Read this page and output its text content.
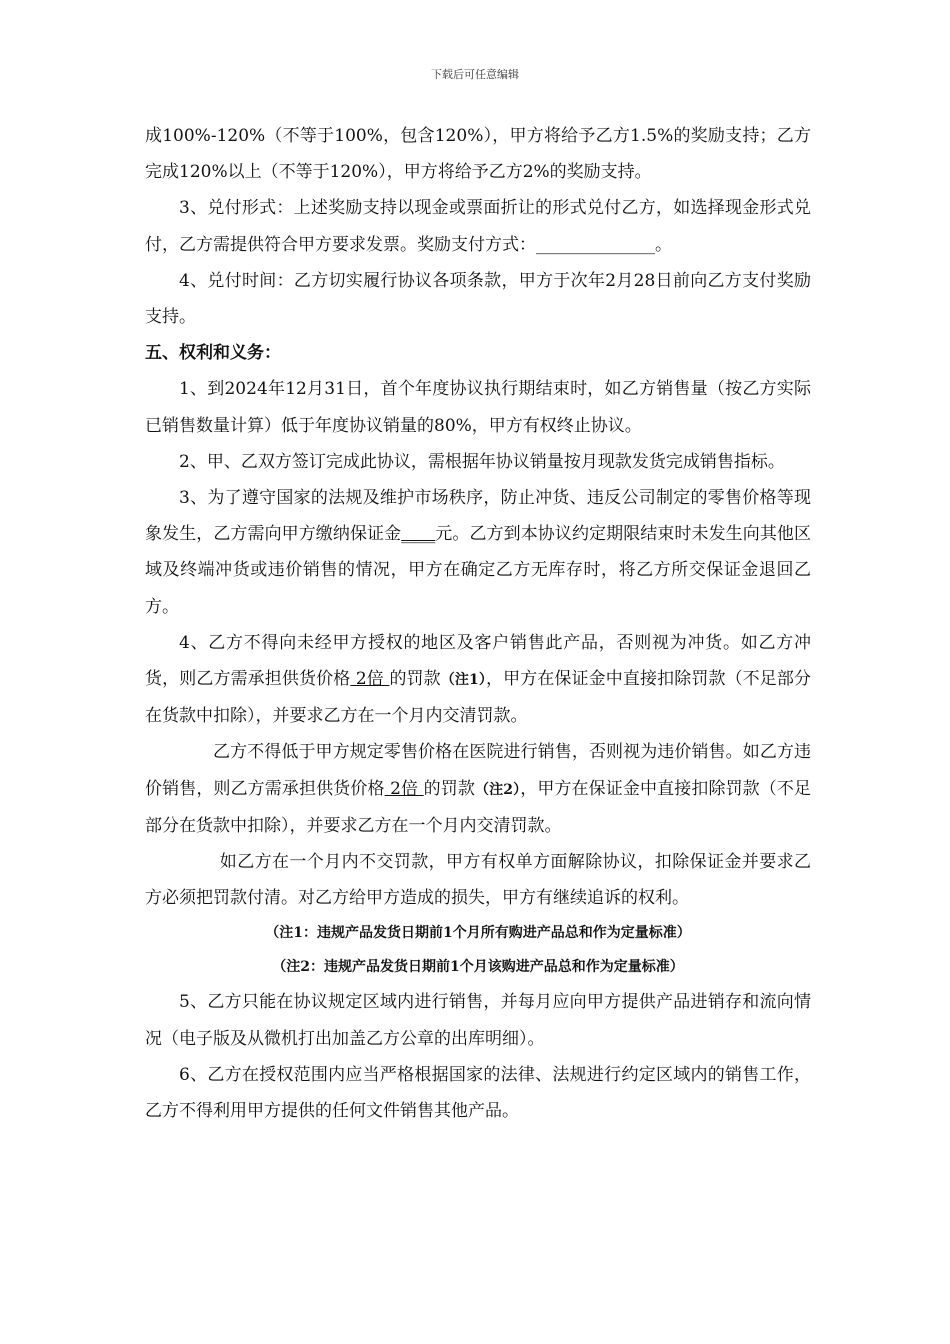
下载后可任意编辑

成100%-120%（不等于100%，包含120%），甲方将给予乙方1.5%的奖励支持；乙方完成120%以上（不等于120%），甲方将给予乙方2%的奖励支持。

3、兑付形式：上述奖励支持以现金或票面折让的形式兑付乙方，如选择现金形式兑付，乙方需提供符合甲方要求发票。奖励支付方式：______________。

4、兑付时间：乙方切实履行协议各项条款，甲方于次年2月28日前向乙方支付奖励支持。

五、权利和义务：

1、到2024年12月31日，首个年度协议执行期结束时，如乙方销售量（按乙方实际已销售数量计算）低于年度协议销量的80%，甲方有权终止协议。

2、甲、乙双方签订完成此协议，需根据年协议销量按月现款发货完成销售指标。

3、为了遵守国家的法规及维护市场秩序，防止冲货、违反公司制定的零售价格等现象发生，乙方需向甲方缴纳保证金____元。乙方到本协议约定期限结束时未发生向其他区域及终端冲货或违价销售的情况，甲方在确定乙方无库存时，将乙方所交保证金退回乙方。

4、乙方不得向未经甲方授权的地区及客户销售此产品，否则视为冲货。如乙方冲货，则乙方需承担供货价格 2倍 的罚款（注1），甲方在保证金中直接扣除罚款（不足部分在货款中扣除），并要求乙方在一个月内交清罚款。

乙方不得低于甲方规定零售价格在医院进行销售，否则视为违价销售。如乙方违价销售，则乙方需承担供货价格 2倍 的罚款（注2），甲方在保证金中直接扣除罚款（不足部分在货款中扣除），并要求乙方在一个月内交清罚款。

如乙方在一个月内不交罚款，甲方有权单方面解除协议，扣除保证金并要求乙方必须把罚款付清。对乙方给甲方造成的损失，甲方有继续追诉的权利。

（注1：违规产品发货日期前1个月所有购进产品总和作为定量标准）

（注2：违规产品发货日期前1个月该购进产品总和作为定量标准）

5、乙方只能在协议规定区域内进行销售，并每月应向甲方提供产品进销存和流向情况（电子版及从微机打出加盖乙方公章的出库明细）。

6、乙方在授权范围内应当严格根据国家的法律、法规进行约定区域内的销售工作，乙方不得利用甲方提供的任何文件销售其他产品。
